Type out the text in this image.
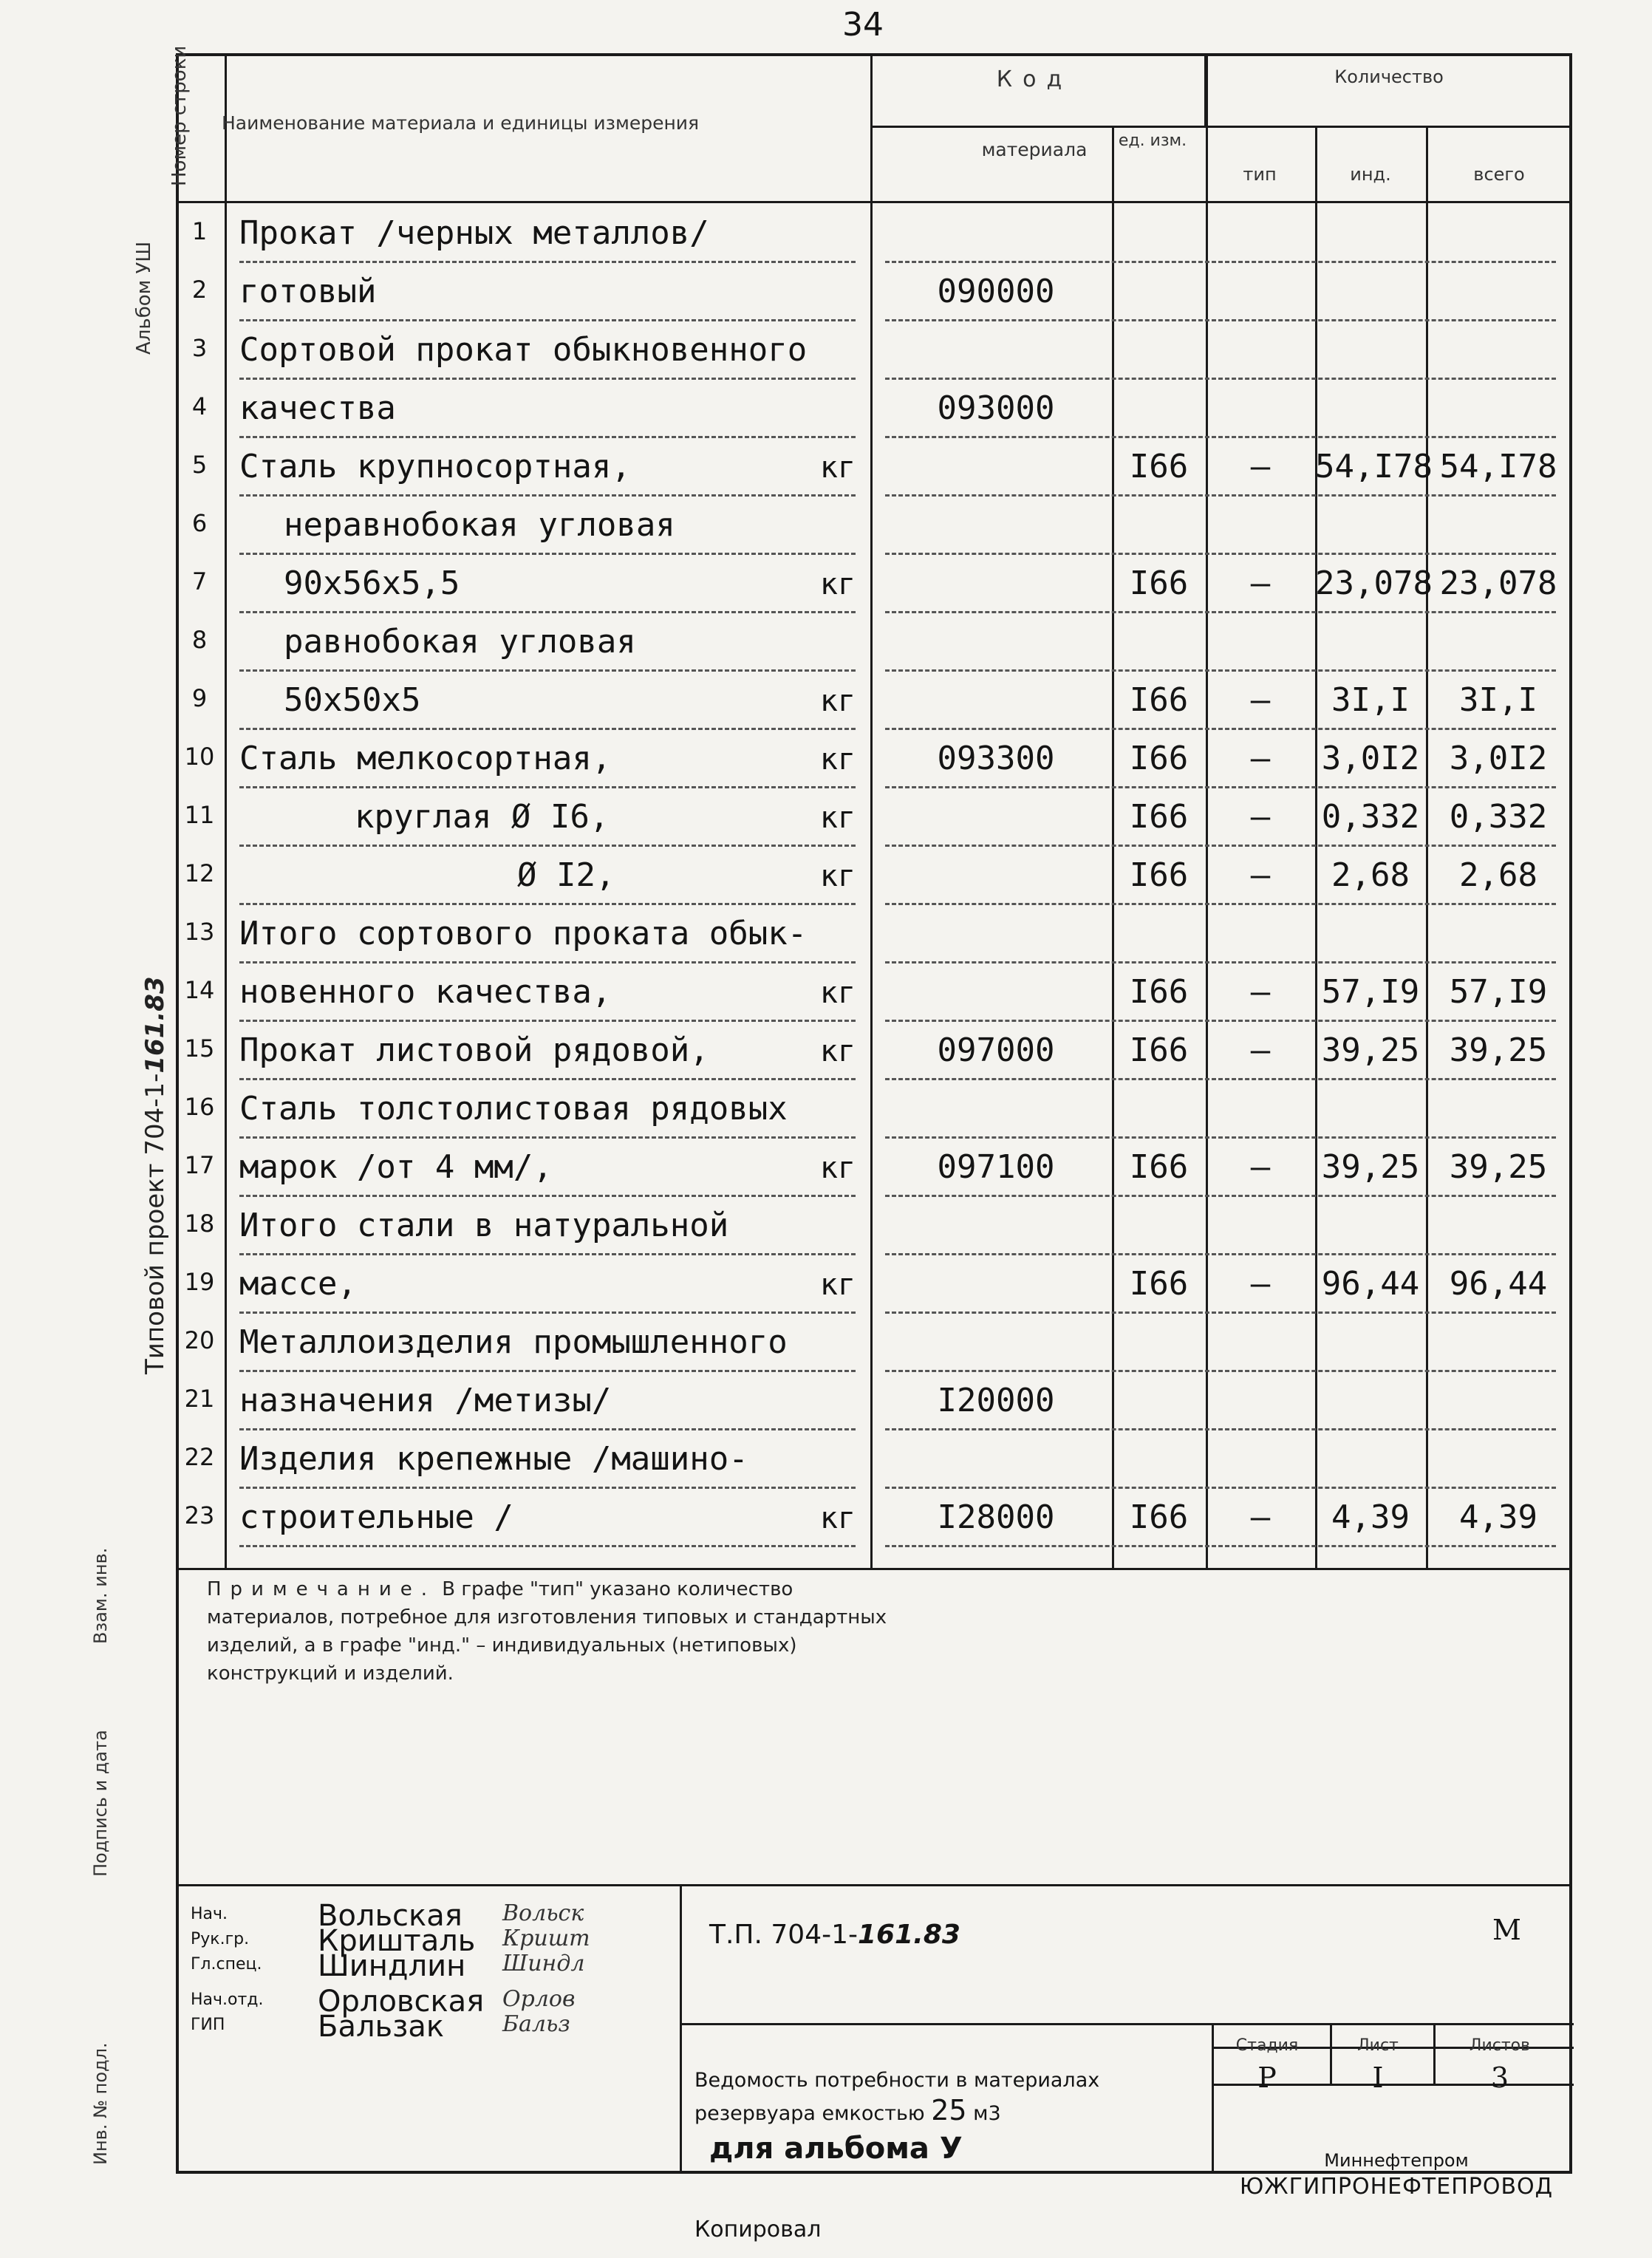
34
Альбом УШ
Типовой проект 704-1-161.83
Номер строки Наименование материала и единицы измерения
Код
материала	ед. изм.
Количество
тип	инд.	всего
1 Прокат /черных металлов/
2 готовый	090000
3 Сортовой прокат обыкновенного
4 качества	093000
5 Сталь крупносортная,	кг	I66	–	54,I78 54,I78
6	неравнобокая угловая
7	90х56х5,5	кг	I66	–	23,078 23,078
8	равнобокая угловая
9	50х50х5	кг	I66	–	3I,I	3I,I
10 Сталь мелкосортная,	кг	093300	I66	–	3,0I2 3,0I2
11	круглая Ø I6,	кг	I66	–	0,332 0,332
12	Ø I2,	кг	I66	–	2,68	2,68
13 Итого сортового проката обык-
14 новенного качества,	кг	I66	–	57,I9 57,I9
15 Прокат листовой рядовой,	кг	097000	I66	–	39,25 39,25
16 Сталь толстолистовая рядовых
17 марок /от 4 мм/,	кг	097100	I66	–	39,25 39,25
18 Итого стали в натуральной
19 массе,	кг	I66	–	96,44 96,44
20 Металлоизделия промышленного
21 назначения /метизы/	I20000
22 Изделия крепежные /машино-
23 строительные /	кг	I28000	I66	–	4,39	4,39
Примечание. В графе "тип" указано количество материалов, потребное для изготовления типовых и стандартных изделий, а в графе "инд." – индивидуальных (нетиповых) конструкций и изделий.
Нач.	Вольская Вольск
Рук.гр. Кришталь Кришт
Гл.спец. Шиндлин Шиндл
Нач.отд. Орловская Орлов
ГИП	Бальзак	Бальз
Т.П. 704-1-161.83	М
Ведомость потребности в материалах резервуара емкостью 25 м3
для альбома У
Стадия	Лист	Листов
Р	I	3
Миннефтепром
ЮЖГИПРОНЕФТЕПРОВОД
Взам. инв.
Подпись и дата
Инв. № подл.
Копировал
